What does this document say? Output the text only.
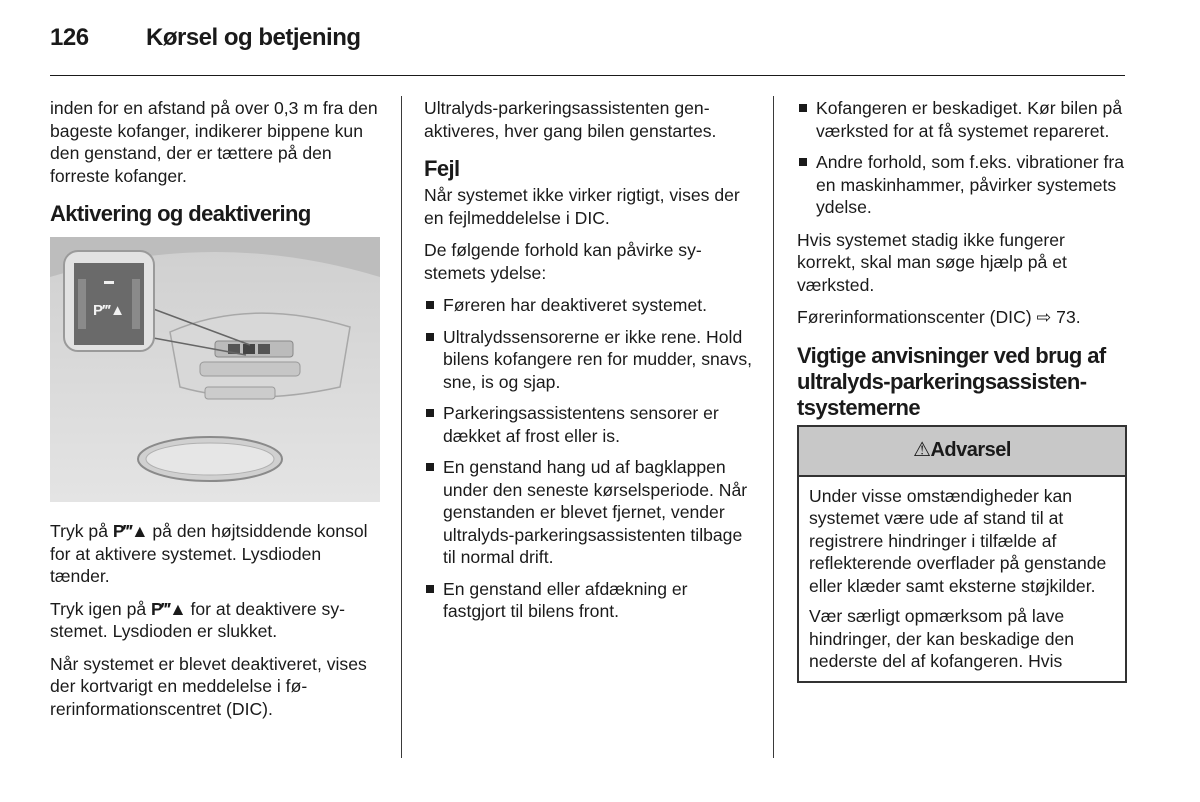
126	Kørsel og betjening

inden for en afstand på over 0,3 m fra den bageste kofanger, indikerer bippene kun den genstand, der er tættere på den forreste kofanger.

Aktivering og deaktivering
P‴▲

Tryk på P‴▲ på den højtsiddende konsol for at aktivere systemet. Lysdioden tænder.

Tryk igen på P‴▲ for at deaktivere systemet. Lysdioden er slukket.

Når systemet er blevet deaktiveret, vises der kortvarigt en meddelelse i førerinformationscentret (DIC).

Ultralyds-parkeringsassistenten genaktiveres, hver gang bilen genstartes.

Fejl

Når systemet ikke virker rigtigt, vises der en fejlmeddelelse i DIC.

De følgende forhold kan påvirke systemets ydelse:

Føreren har deaktiveret systemet.
Ultralydssensorerne er ikke rene. Hold bilens kofangere ren for mudder, snavs, sne, is og sjap.
Parkeringsassistentens sensorer er dækket af frost eller is.
En genstand hang ud af bagklappen under den seneste kørselsperiode. Når genstanden er blevet fjernet, vender ultralyds-parkeringsassistenten tilbage til normal drift.
En genstand eller afdækning er fastgjort til bilens front.
Kofangeren er beskadiget. Kør bilen på værksted for at få systemet repareret.
Andre forhold, som f.eks. vibrationer fra en maskinhammer, påvirker systemets ydelse.

Hvis systemet stadig ikke fungerer korrekt, skal man søge hjælp på et værksted.

Førerinformationscenter (DIC) ⇨ 73.

Vigtige anvisninger ved brug af ultralyds-parkeringsassistentsystemerne
⚠ Advarsel

Under visse omstændigheder kan systemet være ude af stand til at registrere hindringer i tilfælde af reflekterende overflader på genstande eller klæder samt eksterne støjkilder.

Vær særligt opmærksom på lave hindringer, der kan beskadige den nederste del af kofangeren. Hvis
